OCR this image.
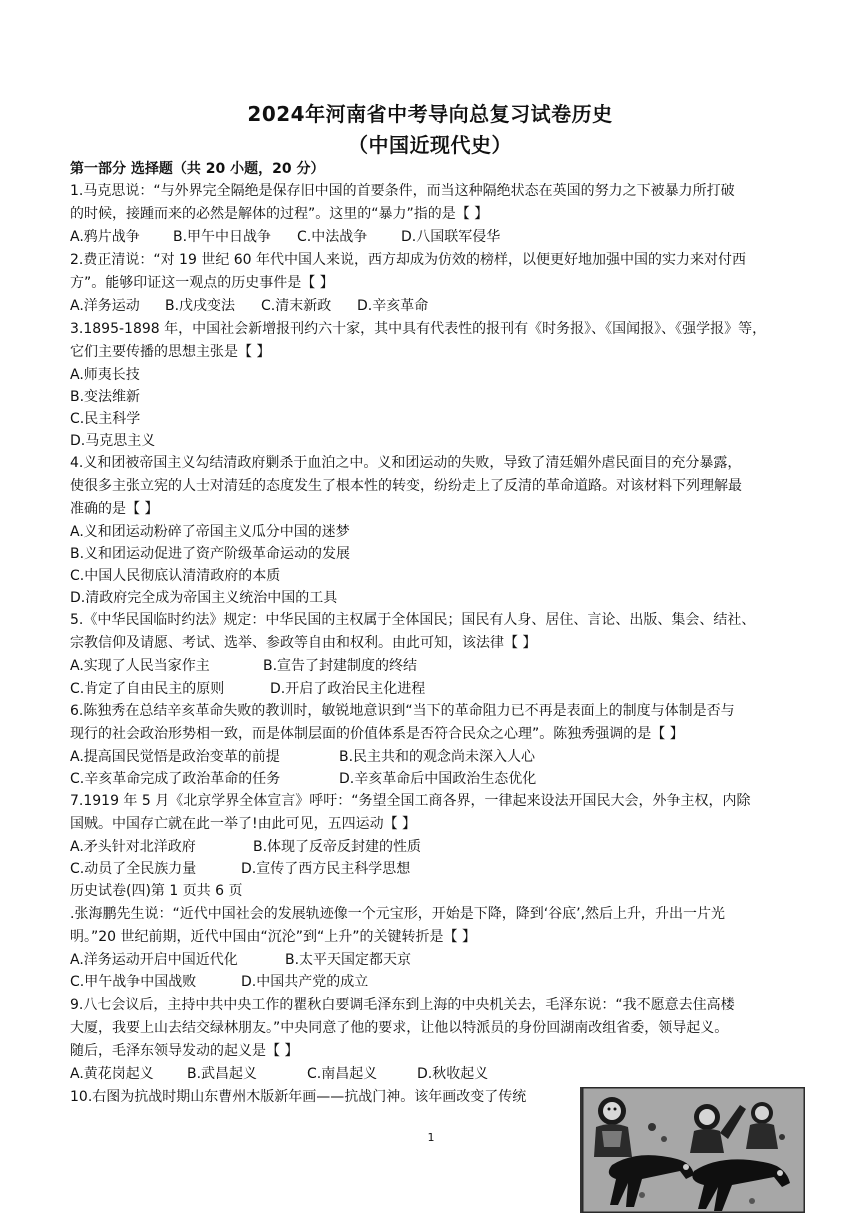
2024年河南省中考导向总复习试卷历史
（中国近现代史）
第一部分 选择题（共 20 小题，20 分）
1.马克思说：“与外界完全隔绝是保存旧中国的首要条件，而当这种隔绝状态在英国的努力之下被暴力所打破
的时候，接踵而来的必然是解体的过程”。这里的“暴力”指的是【 】
A.鸦片战争	B.甲午中日战争	C.中法战争	D.八国联军侵华
2.费正清说：“对 19 世纪 60 年代中国人来说，西方却成为仿效的榜样，以便更好地加强中国的实力来对付西
方”。能够印证这一观点的历史事件是【 】
A.洋务运动	B.戊戌变法	C.清末新政	D.辛亥革命
3.1895-1898 年，中国社会新增报刊约六十家，其中具有代表性的报刊有《时务报》、《国闻报》、《强学报》等，
它们主要传播的思想主张是【 】
A.师夷长技
B.变法维新
C.民主科学
D.马克思主义
4.义和团被帝国主义勾结清政府剿杀于血泊之中。义和团运动的失败，导致了清廷媚外虐民面目的充分暴露，
使很多主张立宪的人士对清廷的态度发生了根本性的转变，纷纷走上了反清的革命道路。对该材料下列理解最
准确的是【 】
A.义和团运动粉碎了帝国主义瓜分中国的迷梦
B.义和团运动促进了资产阶级革命运动的发展
C.中国人民彻底认清清政府的本质
D.清政府完全成为帝国主义统治中国的工具
5.《中华民国临时约法》规定：中华民国的主权属于全体国民；国民有人身、居住、言论、出版、集会、结社、
宗教信仰及请愿、考试、选举、参政等自由和权利。由此可知，该法律【 】
A.实现了人民当家作主	B.宣告了封建制度的终结
C.肯定了自由民主的原则	D.开启了政治民主化进程
6.陈独秀在总结辛亥革命失败的教训时，敏锐地意识到“当下的革命阻力已不再是表面上的制度与体制是否与
现行的社会政治形势相一致，而是体制层面的价值体系是否符合民众之心理”。陈独秀强调的是【 】
A.提高国民觉悟是政治变革的前提	B.民主共和的观念尚未深入人心
C.辛亥革命完成了政治革命的任务	D.辛亥革命后中国政治生态优化
7.1919 年 5 月《北京学界全体宣言》呼吁：“务望全国工商各界，一律起来设法开国民大会，外争主权，内除
国贼。中国存亡就在此一举了!由此可见，五四运动【 】
A.矛头针对北洋政府	B.体现了反帝反封建的性质
C.动员了全民族力量	D.宣传了西方民主科学思想
历史试卷(四)第 1 页共 6 页
.张海鹏先生说：“近代中国社会的发展轨迹像一个元宝形，开始是下降，降到‘谷底’,然后上升，升出一片光
明。”20 世纪前期，近代中国由“沉沦”到“上升”的关键转折是【 】
A.洋务运动开启中国近代化	B.太平天国定都天京
C.甲午战争中国战败	D.中国共产党的成立
9.八七会议后，主持中共中央工作的瞿秋白要调毛泽东到上海的中央机关去，毛泽东说：“我不愿意去住高楼
大厦，我要上山去结交绿林朋友。”中央同意了他的要求，让他以特派员的身份回湖南改组省委，领导起义。
随后，毛泽东领导发动的起义是【 】
A.黄花岗起义	B.武昌起义	C.南昌起义	D.秋收起义
10.右图为抗战时期山东曹州木版新年画——抗战门神。该年画改变了传统
1
